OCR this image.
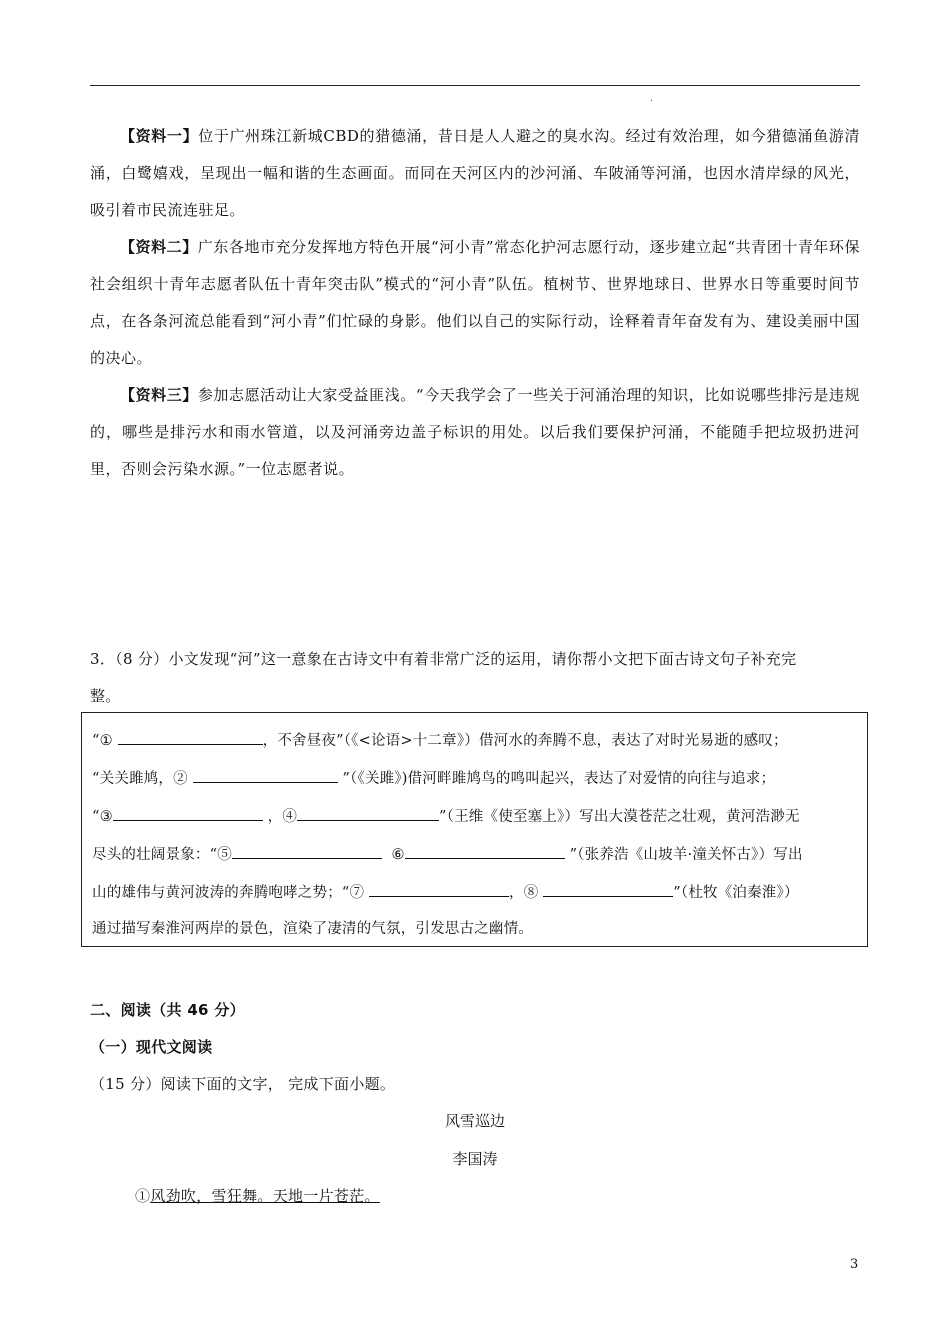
.
【资料一】位于广州珠江新城CBD的猎德涌，昔日是人人避之的臭水沟。经过有效治理，如今猎德涌鱼游清涌，白鹭嬉戏，呈现出一幅和谐的生态画面。而同在天河区内的沙河涌、车陂涌等河涌，也因水清岸绿的风光，吸引着市民流连驻足。
【资料二】广东各地市充分发挥地方特色开展“河小青”常态化护河志愿行动，逐步建立起“共青团十青年环保社会组织十青年志愿者队伍十青年突击队”模式的“河小青”队伍。植树节、世界地球日、世界水日等重要时间节点，在各条河流总能看到“河小青”们忙碌的身影。他们以自己的实际行动，诠释着青年奋发有为、建设美丽中国的决心。
【资料三】参加志愿活动让大家受益匪浅。“今天我学会了一些关于河涌治理的知识，比如说哪些排污是违规的，哪些是排污水和雨水管道，以及河涌旁边盖子标识的用处。以后我们要保护河涌，不能随手把垃圾扔进河里，否则会污染水源。”一位志愿者说。
3．（8 分）小文发现“河”这一意象在古诗文中有着非常广泛的运用，请你帮小文把下面古诗文句子补充完
整。
“①	，不舍昼夜”（《<论语>十二章》）借河水的奔腾不息，表达了对时光易逝的感叹；
“关关雎鸠，②	”（《关雎》)借河畔雎鸠鸟的鸣叫起兴，表达了对爱情的向往与追求；
“③	，④	”（王维《使至塞上》）写出大漠苍茫之壮观，黄河浩渺无
尽头的壮阔景象：“⑤	⑥	”（张养浩《山坡羊·潼关怀古》）写出
山的雄伟与黄河波涛的奔腾咆哮之势；“⑦	，⑧	”（杜牧《泊秦淮》）
通过描写秦淮河两岸的景色，渲染了凄清的气氛，引发思古之幽情。
二、阅读（共 46 分）
（一）现代文阅读
（15 分）阅读下面的文字， 完成下面小题。
风雪巡边
李国涛
①风劲吹，雪狂舞。天地一片苍茫。
3
